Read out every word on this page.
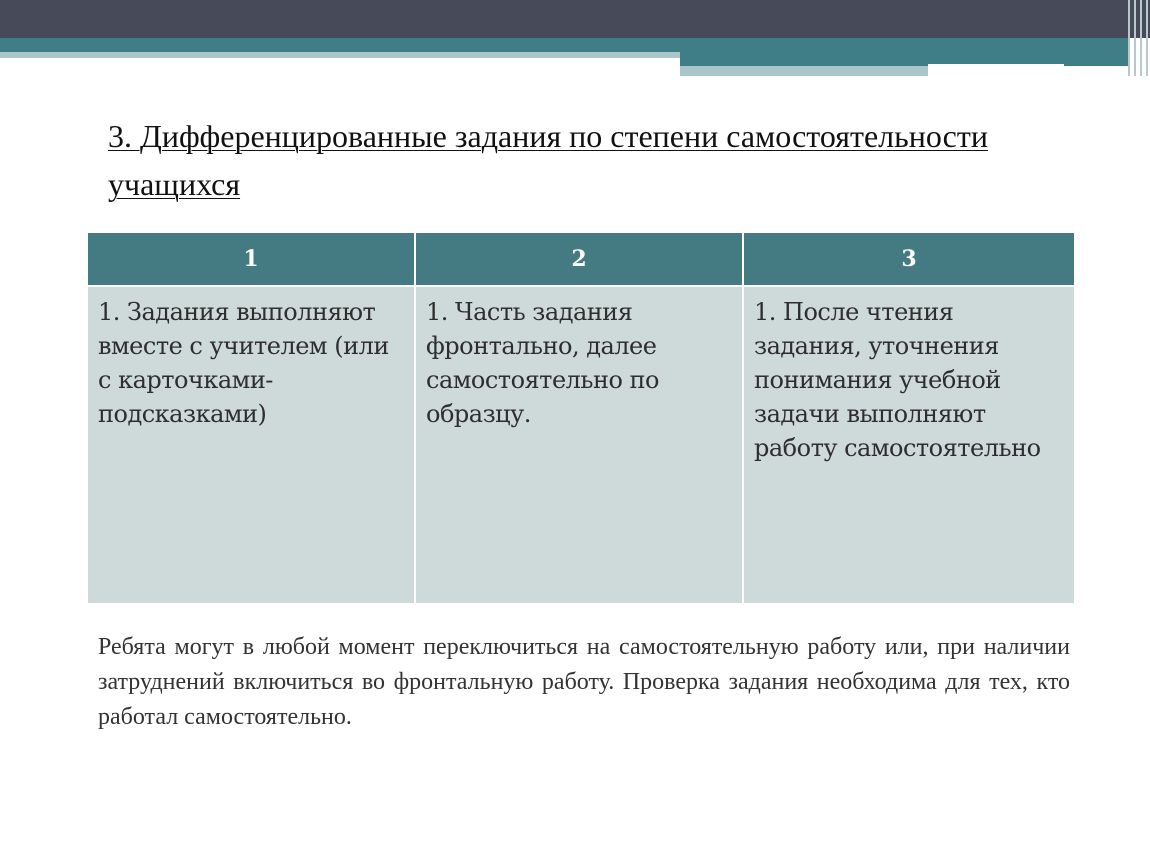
3. Дифференцированные задания по степени самостоятельности учащихся
1	2	3
1. Задания выполняют вместе с учителем (или с карточками-подсказками)	1. Часть задания фронтально, далее самостоятельно по образцу.	1. После чтения задания, уточнения понимания учебной задачи выполняют работу самостоятельно
Ребята могут в любой момент переключиться на самостоятельную работу или, при наличии затруднений включиться во фронтальную работу. Проверка задания необходима для тех, кто работал самостоятельно.
